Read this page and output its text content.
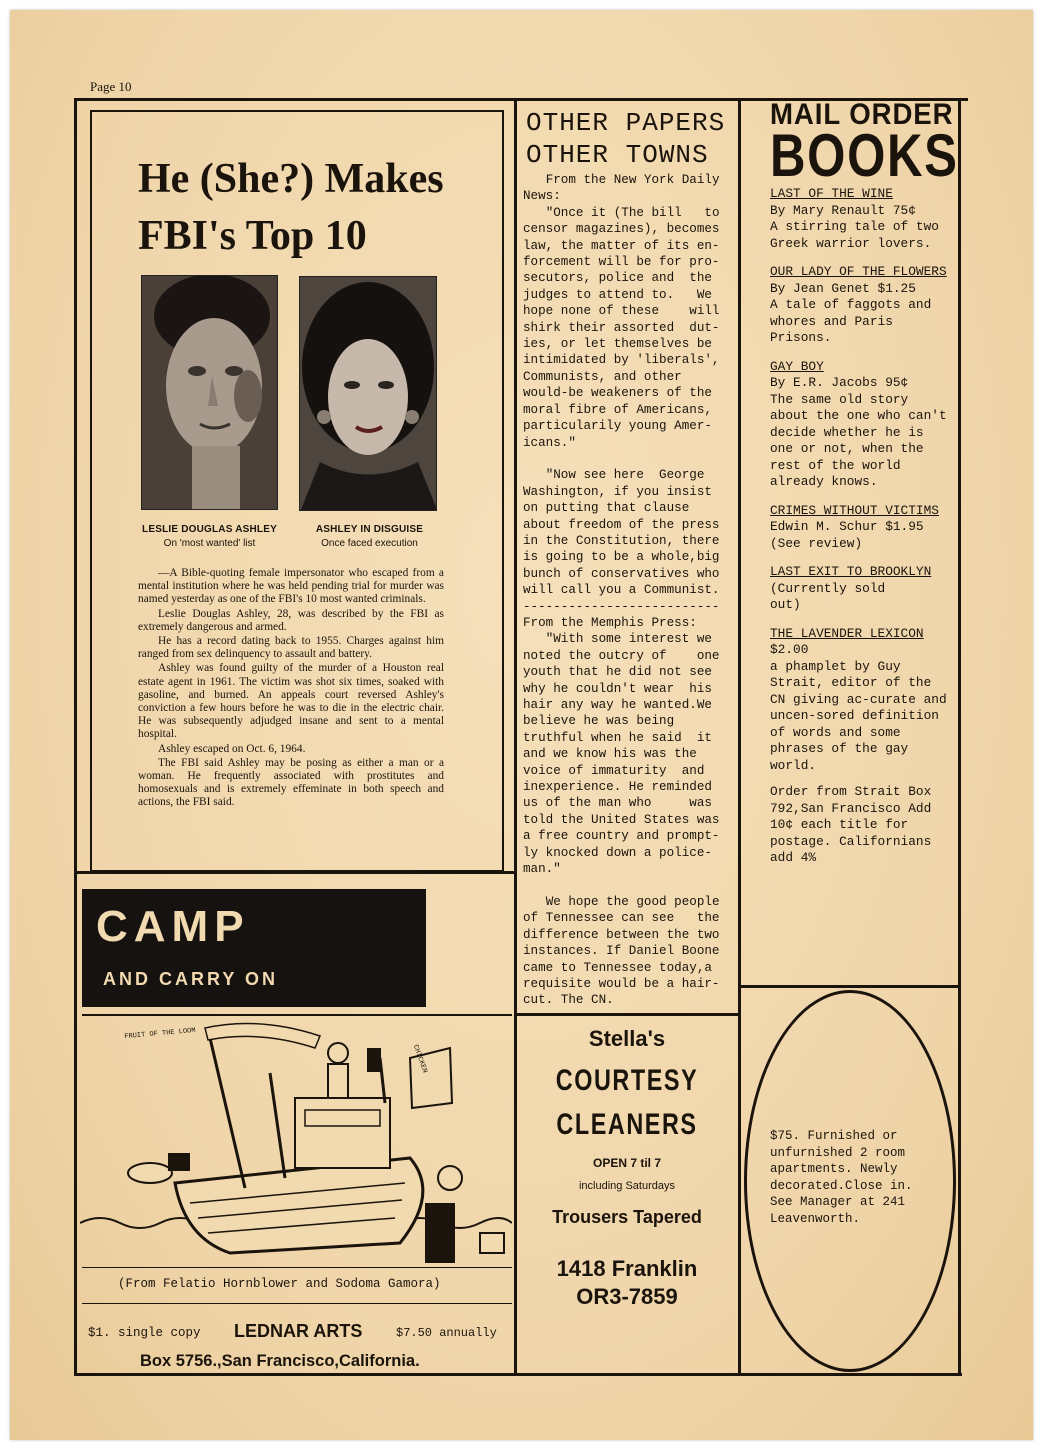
Page 10
He (She?) Makes
FBI's Top 10
LESLIE DOUGLAS ASHLEY
On 'most wanted' list
ASHLEY IN DISGUISE
Once faced execution

—A Bible-quoting female impersonator who escaped from a mental institution where he was held pending trial for murder was named yesterday as one of the FBI's 10 most wanted criminals.

Leslie Douglas Ashley, 28, was described by the FBI as extremely dangerous and armed.

He has a record dating back to 1955. Charges against him ranged from sex delinquency to assault and battery.

Ashley was found guilty of the murder of a Houston real estate agent in 1961. The victim was shot six times, soaked with gasoline, and burned. An appeals court reversed Ashley's conviction a few hours before he was to die in the electric chair. He was subsequently adjudged insane and sent to a mental hospital.

Ashley escaped on Oct. 6, 1964.

The FBI said Ashley may be posing as either a man or a woman. He frequently associated with prostitutes and homosexuals and is extremely effeminate in both speech and actions, the FBI said.

CAMP
AND CARRY ON
FRUIT OF THE LOOM
CHICKEN
(From Felatio Hornblower and Sodoma Gamora)
$1. single copy LEDNAR ARTS	$7.50 annually
Box 5756.,San Francisco,California.
OTHER PAPERS
OTHER TOWNS
From the New York Daily
News:
"Once it (The bill   to
censor magazines), becomes
law, the matter of its en-
forcement will be for pro-
secutors, police and  the
judges to attend to.   We
hope none of these    will
shirk their assorted  dut-
ies, or let themselves be
intimidated by 'liberals',
Communists, and other
would-be weakeners of the
moral fibre of Americans,
particularily young Amer-
icans."

"Now see here  George
Washington, if you insist
on putting that clause
about freedom of the press
in the Constitution, there
is going to be a whole,big
bunch of conservatives who
will call you a Communist.
--------------------------
From the Memphis Press:
"With some interest we
noted the outcry of    one
youth that he did not see
why he couldn't wear  his
hair any way he wanted.We
believe he was being
truthful when he said  it
and we know his was the
voice of immaturity  and
inexperience. He reminded
us of the man who     was
told the United States was
a free country and prompt-
ly knocked down a police-
man."

We hope the good people
of Tennessee can see   the
difference between the two
instances. If Daniel Boone
came to Tennessee today,a
requisite would be a hair-
cut. The CN.
Stella's
COURTESY
CLEANERS
OPEN 7 til 7
including Saturdays
Trousers Tapered
1418 Franklin
OR3-7859
MAIL ORDER
BOOKS
LAST OF THE WINE
By Mary Renault 75¢
A stirring tale of two Greek warrior lovers.
OUR LADY OF THE FLOWERS
By Jean Genet $1.25
A tale of faggots and whores and Paris Prisons.
GAY BOY
By E.R. Jacobs 95¢
The same old story about the one who can't decide whether he is one or not, when the rest of the world already knows.
CRIMES WITHOUT VICTIMS
Edwin M. Schur $1.95
(See review)
LAST EXIT TO BROOKLYN
(Currently sold
out)
THE LAVENDER LEXICON
$2.00
a phamplet by Guy Strait, editor of the CN giving ac-curate and uncen-sored definition of words and some phrases of the gay world.
Order from Strait Box 792,San Francisco Add 10¢ each title for postage. Californians add 4%
$75. Furnished or unfurnished 2 room apartments. Newly decorated.Close in. See Manager at 241 Leavenworth.
